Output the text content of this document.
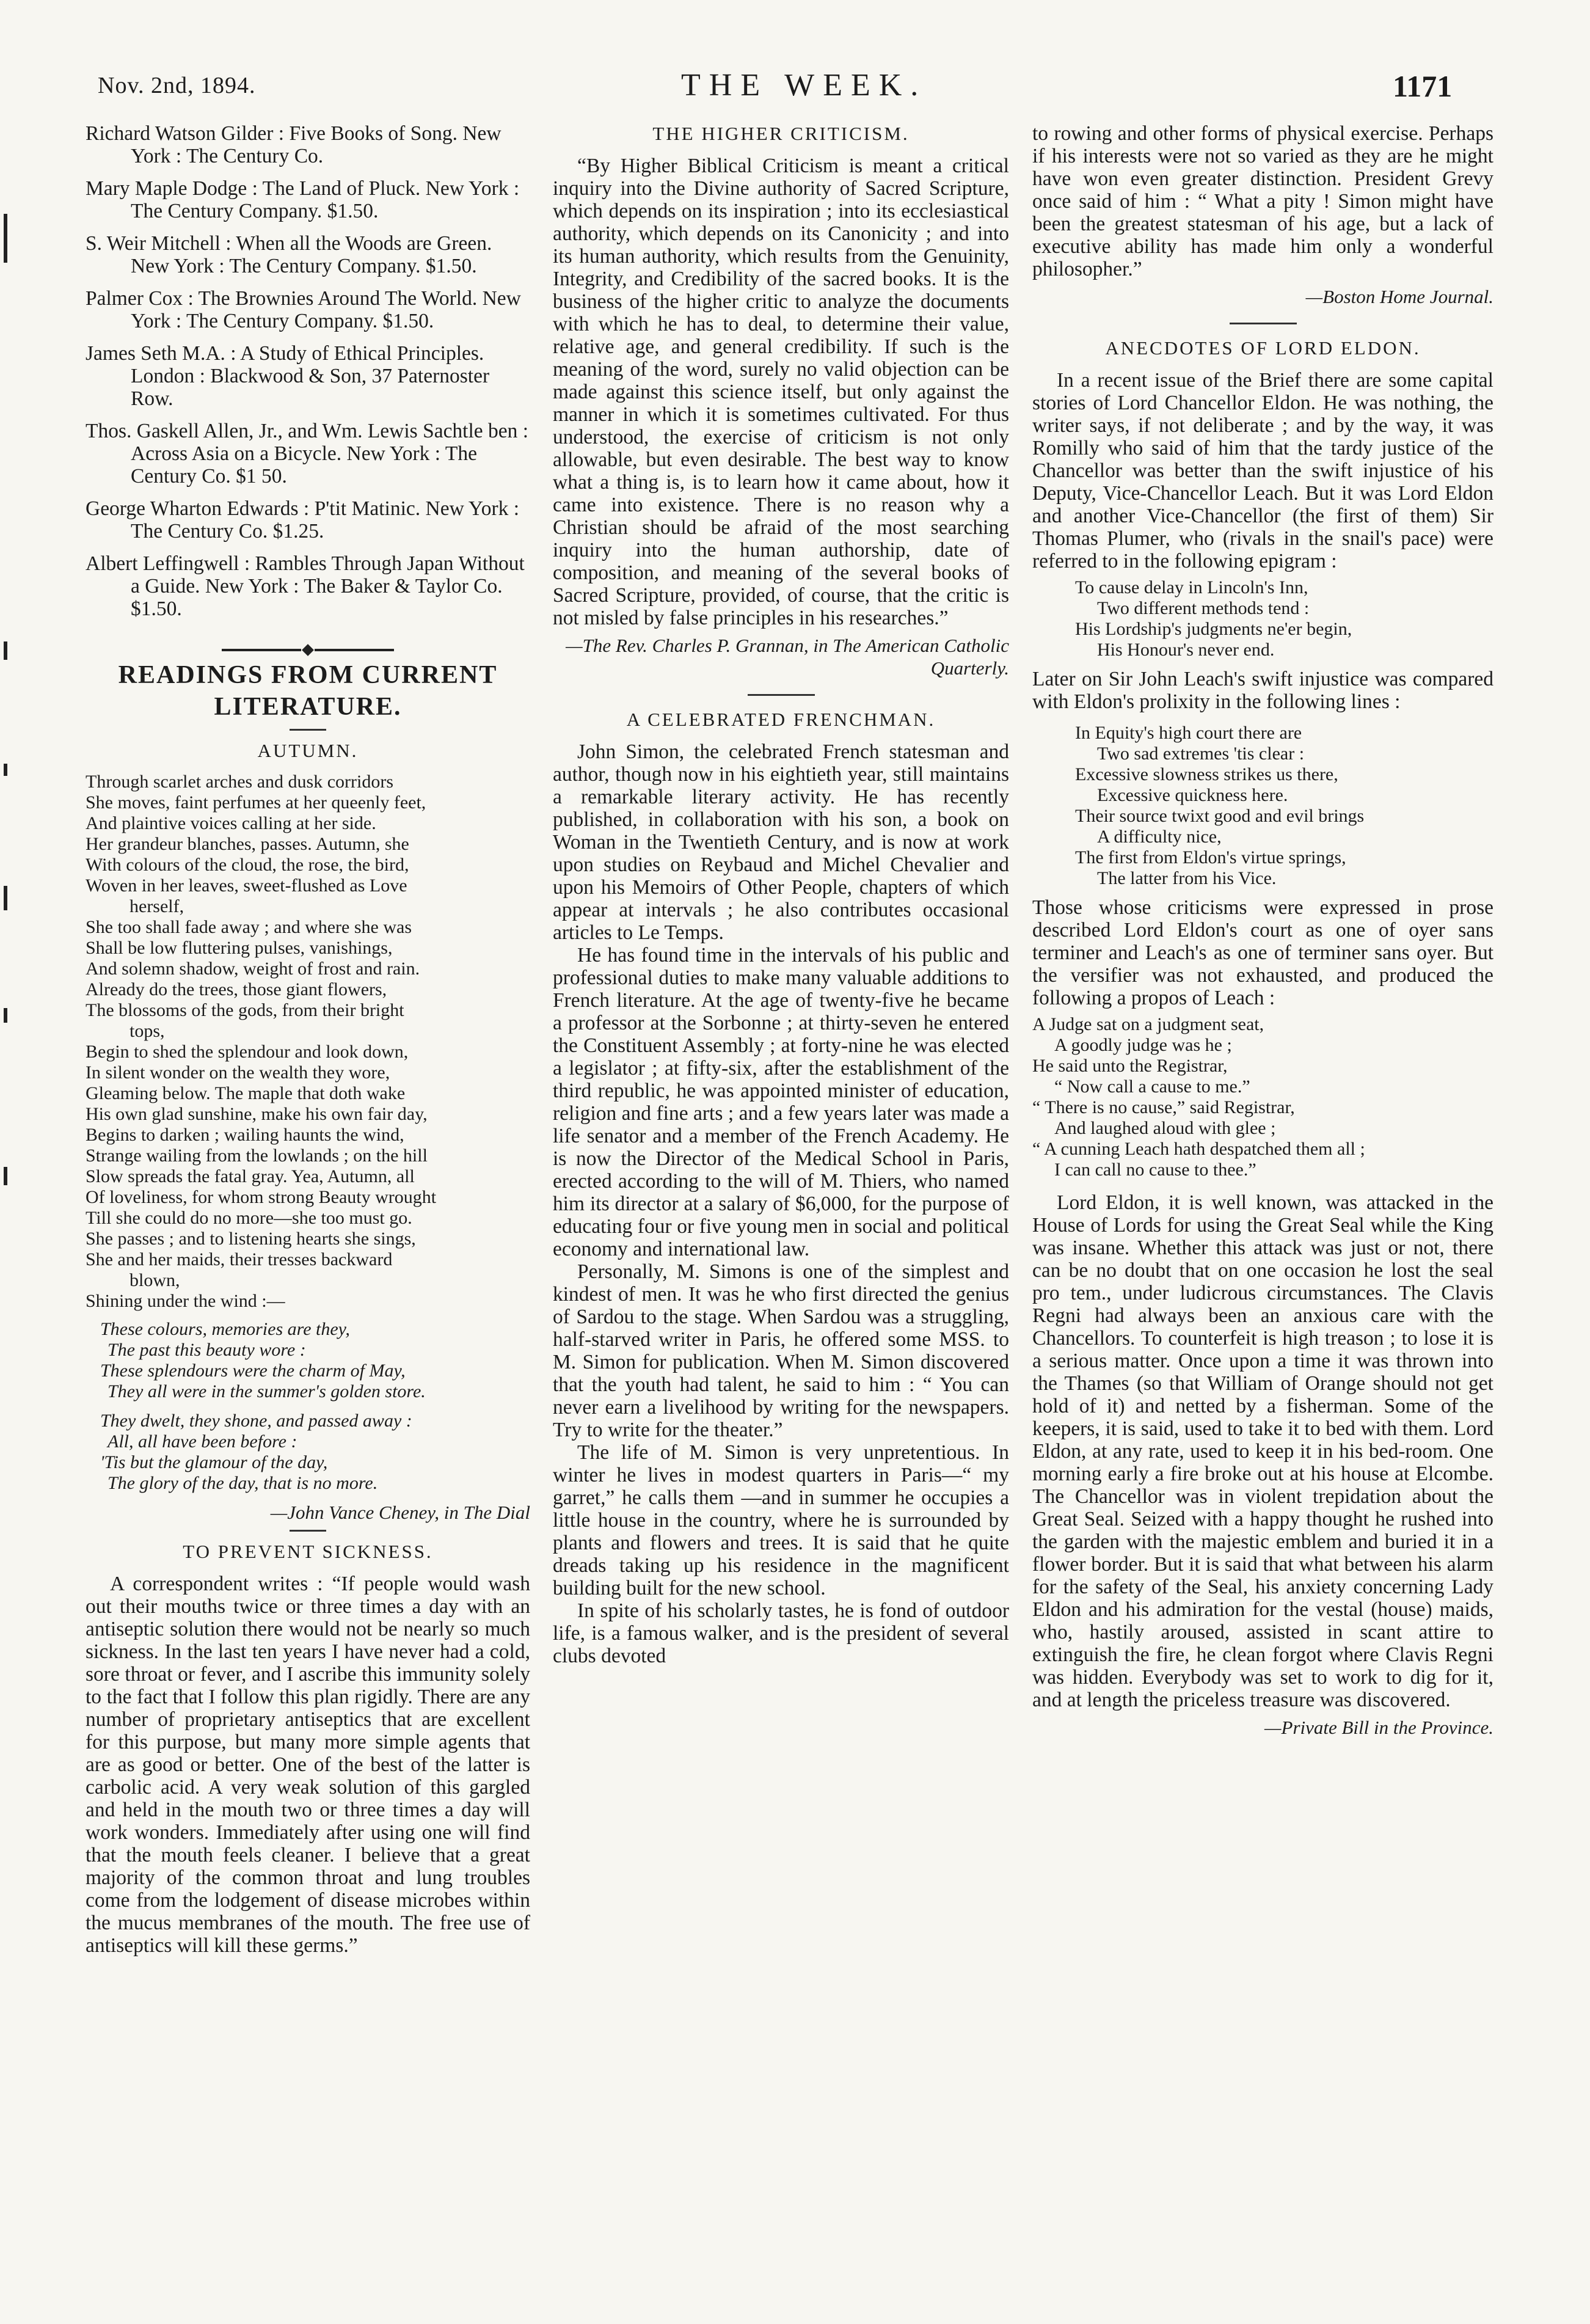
Nov. 2nd, 1894.	THE WEEK.	1171
Richard Watson Gilder : Five Books of Song. New York : The Century Co.
Mary Maple Dodge : The Land of Pluck. New York : The Century Company. $1.50.
S. Weir Mitchell : When all the Woods are Green. New York : The Century Company. $1.50.
Palmer Cox : The Brownies Around The World. New York : The Century Company. $1.50.
James Seth M.A. : A Study of Ethical Principles. London : Blackwood & Son, 37 Paternoster Row.
Thos. Gaskell Allen, Jr., and Wm. Lewis Sachtle ben : Across Asia on a Bicycle. New York : The Century Co. $1 50.
George Wharton Edwards : P'tit Matinic. New York : The Century Co. $1.25.
Albert Leffingwell : Rambles Through Japan Without a Guide. New York : The Baker & Taylor Co. $1.50.
READINGS FROM CURRENT
LITERATURE.
AUTUMN.
Through scarlet arches and dusk corridors
She moves, faint perfumes at her queenly feet,
And plaintive voices calling at her side.
Her grandeur blanches, passes. Autumn, she
With colours of the cloud, the rose, the bird,
Woven in her leaves, sweet-flushed as Love
herself,
She too shall fade away ; and where she was
Shall be low fluttering pulses, vanishings,
And solemn shadow, weight of frost and rain.
Already do the trees, those giant flowers,
The blossoms of the gods, from their bright
tops,
Begin to shed the splendour and look down,
In silent wonder on the wealth they wore,
Gleaming below. The maple that doth wake
His own glad sunshine, make his own fair day,
Begins to darken ; wailing haunts the wind,
Strange wailing from the lowlands ; on the hill
Slow spreads the fatal gray. Yea, Autumn, all
Of loveliness, for whom strong Beauty wrought
Till she could do no more—she too must go.
She passes ; and to listening hearts she sings,
She and her maids, their tresses backward
blown,
Shining under the wind :—
These colours, memories are they,
The past this beauty wore :
These splendours were the charm of May,
They all were in the summer's golden store.
They dwelt, they shone, and passed away :
All, all have been before :
'Tis but the glamour of the day,
The glory of the day, that is no more.
—John Vance Cheney, in The Dial
TO PREVENT SICKNESS.

A correspondent writes : “If people would wash out their mouths twice or three times a day with an antiseptic solution there would not be nearly so much sickness. In the last ten years I have never had a cold, sore throat or fever, and I ascribe this immunity solely to the fact that I follow this plan rigidly. There are any number of proprietary antiseptics that are excellent for this purpose, but many more simple agents that are as good or better. One of the best of the latter is carbolic acid. A very weak solution of this gargled and held in the mouth two or three times a day will work wonders. Immediately after using one will find that the mouth feels cleaner. I believe that a great majority of the common throat and lung troubles come from the lodgement of disease microbes within the mucus membranes of the mouth. The free use of antiseptics will kill these germs.”

THE HIGHER CRITICISM.

“By Higher Biblical Criticism is meant a critical inquiry into the Divine authority of Sacred Scripture, which depends on its inspiration ; into its ecclesiastical authority, which depends on its Canonicity ; and into its human authority, which results from the Genuinity, Integrity, and Credibility of the sacred books. It is the business of the higher critic to analyze the documents with which he has to deal, to determine their value, relative age, and general credibility. If such is the meaning of the word, surely no valid objection can be made against this science itself, but only against the manner in which it is sometimes cultivated. For thus understood, the exercise of criticism is not only allowable, but even desirable. The best way to know what a thing is, is to learn how it came about, how it came into existence. There is no reason why a Christian should be afraid of the most searching inquiry into the human authorship, date of composition, and meaning of the several books of Sacred Scripture, provided, of course, that the critic is not misled by false principles in his researches.”

—The Rev. Charles P. Grannan, in The American Catholic Quarterly.
A CELEBRATED FRENCHMAN.

John Simon, the celebrated French statesman and author, though now in his eightieth year, still maintains a remarkable literary activity. He has recently published, in collaboration with his son, a book on Woman in the Twentieth Century, and is now at work upon studies on Reybaud and Michel Chevalier and upon his Memoirs of Other People, chapters of which appear at intervals ; he also contributes occasional articles to Le Temps.

He has found time in the intervals of his public and professional duties to make many valuable additions to French literature. At the age of twenty-five he became a professor at the Sorbonne ; at thirty-seven he entered the Constituent Assembly ; at forty-nine he was elected a legislator ; at fifty-six, after the establishment of the third republic, he was appointed minister of education, religion and fine arts ; and a few years later was made a life senator and a member of the French Academy. He is now the Director of the Medical School in Paris, erected according to the will of M. Thiers, who named him its director at a salary of $6,000, for the purpose of educating four or five young men in social and political economy and international law.

Personally, M. Simons is one of the simplest and kindest of men. It was he who first directed the genius of Sardou to the stage. When Sardou was a struggling, half-starved writer in Paris, he offered some MSS. to M. Simon for publication. When M. Simon discovered that the youth had talent, he said to him : “ You can never earn a livelihood by writing for the newspapers. Try to write for the theater.”

The life of M. Simon is very unpretentious. In winter he lives in modest quarters in Paris—“ my garret,” he calls them —and in summer he occupies a little house in the country, where he is surrounded by plants and flowers and trees. It is said that he quite dreads taking up his residence in the magnificent building built for the new school.

In spite of his scholarly tastes, he is fond of outdoor life, is a famous walker, and is the president of several clubs devoted

to rowing and other forms of physical exercise. Perhaps if his interests were not so varied as they are he might have won even greater distinction. President Grevy once said of him : “ What a pity ! Simon might have been the greatest statesman of his age, but a lack of executive ability has made him only a wonderful philosopher.”

—Boston Home Journal.
ANECDOTES OF LORD ELDON.

In a recent issue of the Brief there are some capital stories of Lord Chancellor Eldon. He was nothing, the writer says, if not deliberate ; and by the way, it was Romilly who said of him that the tardy justice of the Chancellor was better than the swift injustice of his Deputy, Vice-Chancellor Leach. But it was Lord Eldon and another Vice-Chancellor (the first of them) Sir Thomas Plumer, who (rivals in the snail's pace) were referred to in the following epigram :

To cause delay in Lincoln's Inn,
Two different methods tend :
His Lordship's judgments ne'er begin,
His Honour's never end.

Later on Sir John Leach's swift injustice was compared with Eldon's prolixity in the following lines :

In Equity's high court there are
Two sad extremes 'tis clear :
Excessive slowness strikes us there,
Excessive quickness here.
Their source twixt good and evil brings
A difficulty nice,
The first from Eldon's virtue springs,
The latter from his Vice.

Those whose criticisms were expressed in prose described Lord Eldon's court as one of oyer sans terminer and Leach's as one of terminer sans oyer. But the versifier was not exhausted, and produced the following a propos of Leach :

A Judge sat on a judgment seat,
A goodly judge was he ;
He said unto the Registrar,
“ Now call a cause to me.”
“ There is no cause,” said Registrar,
And laughed aloud with glee ;
“ A cunning Leach hath despatched them all ;
I can call no cause to thee.”

Lord Eldon, it is well known, was attacked in the House of Lords for using the Great Seal while the King was insane. Whether this attack was just or not, there can be no doubt that on one occasion he lost the seal pro tem., under ludicrous circumstances. The Clavis Regni had always been an anxious care with the Chancellors. To counterfeit is high treason ; to lose it is a serious matter. Once upon a time it was thrown into the Thames (so that William of Orange should not get hold of it) and netted by a fisherman. Some of the keepers, it is said, used to take it to bed with them. Lord Eldon, at any rate, used to keep it in his bed-room. One morning early a fire broke out at his house at Elcombe. The Chancellor was in violent trepidation about the Great Seal. Seized with a happy thought he rushed into the garden with the majestic emblem and buried it in a flower border. But it is said that what between his alarm for the safety of the Seal, his anxiety concerning Lady Eldon and his admiration for the vestal (house) maids, who, hastily aroused, assisted in scant attire to extinguish the fire, he clean forgot where Clavis Regni was hidden. Everybody was set to work to dig for it, and at length the priceless treasure was discovered.

—Private Bill in the Province.
